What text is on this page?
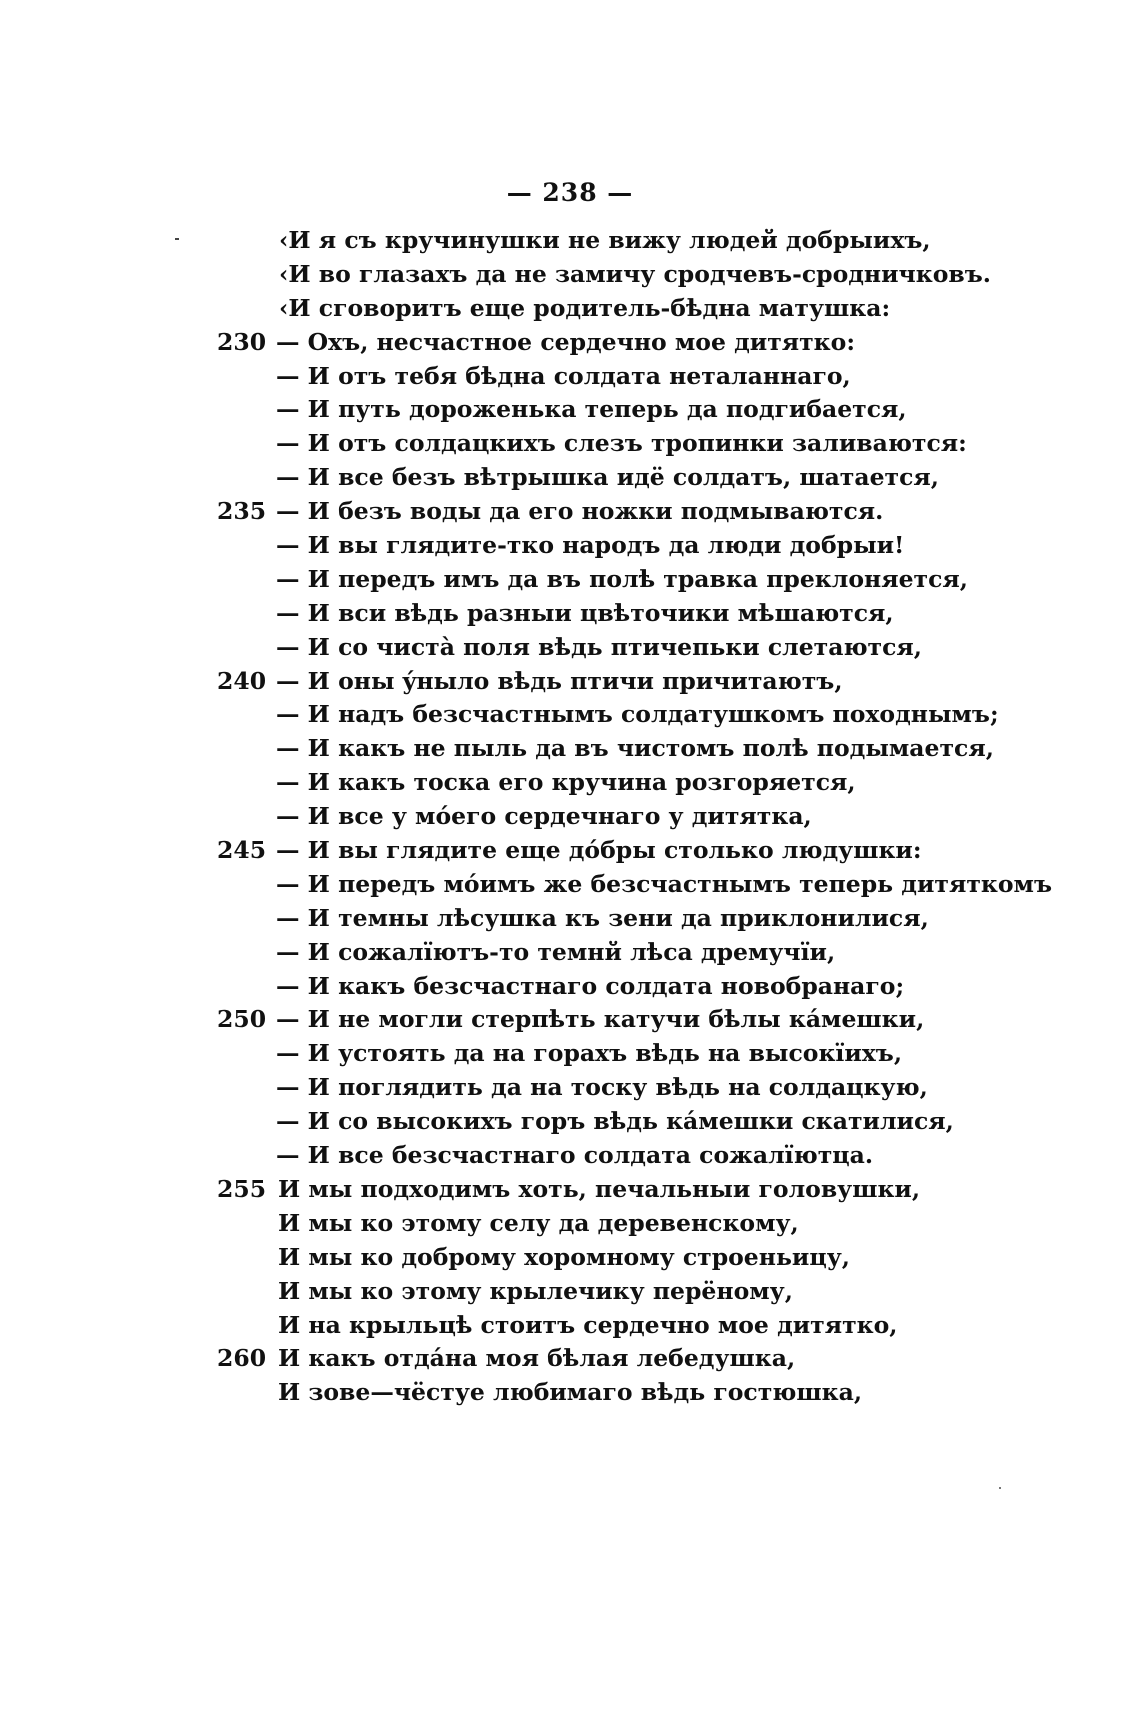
— 238 —
‹И я съ кручинушки не вижу людей добрыихъ,
‹И во глазахъ да не замичу сродчевъ-сродничковъ.
‹И сговоритъ еще родитель-бѣдна матушка:
230 — Охъ, несчастное сердечно мое дитятко:
— И отъ тебя бѣдна солдата неталаннаго,
— И путь дороженька теперь да подгибается,
— И отъ солдацкихъ слезъ тропинки заливаются:
— И все безъ вѣтрышка идё солдатъ, шатается,
235 — И безъ воды да его ножки подмываются.
— И вы глядите-тко народъ да люди добрыи!
— И передъ имъ да въ полѣ травка преклоняется,
— И вси вѣдь разныи цвѣточики мѣшаются,
— И со чистà поля вѣдь птичепьки слетаются,
240 — И оны ýныло вѣдь птичи причитаютъ,
— И надъ безсчастнымъ солдатушкомъ походнымъ;
— И какъ не пыль да въ чистомъ полѣ подымается,
— И какъ тоска его кручина розгоряется,
— И все у мóего сердечнаго у дитятка,
245 — И вы глядите еще дóбры столько людушки:
— И передъ мóимъ же безсчастнымъ теперь дитяткомъ
— И темны лѣсушка къ зени да приклонилися,
— И сожалїютъ-то темнй лѣса дремучїи,
— И какъ безсчастнаго солдата новобранаго;
250 — И не могли стерпѣть катучи бѣлы кáмешки,
— И устоять да на горахъ вѣдь на высокїихъ,
— И поглядить да на тоску вѣдь на солдацкую,
— И со высокихъ горъ вѣдь кáмешки скатилися,
— И все безсчастнаго солдата сожалїютца.
255 И мы подходимъ хоть, печальныи головушки,
И мы ко этому селу да деревенскому,
И мы ко доброму хоромному строеньицу,
И мы ко этому крылечику перёному,
И на крыльцѣ стоитъ сердечно мое дитятко,
260 И какъ отдáна моя бѣлая лебедушка,
И зове—чёстуе любимаго вѣдь гостюшка,
